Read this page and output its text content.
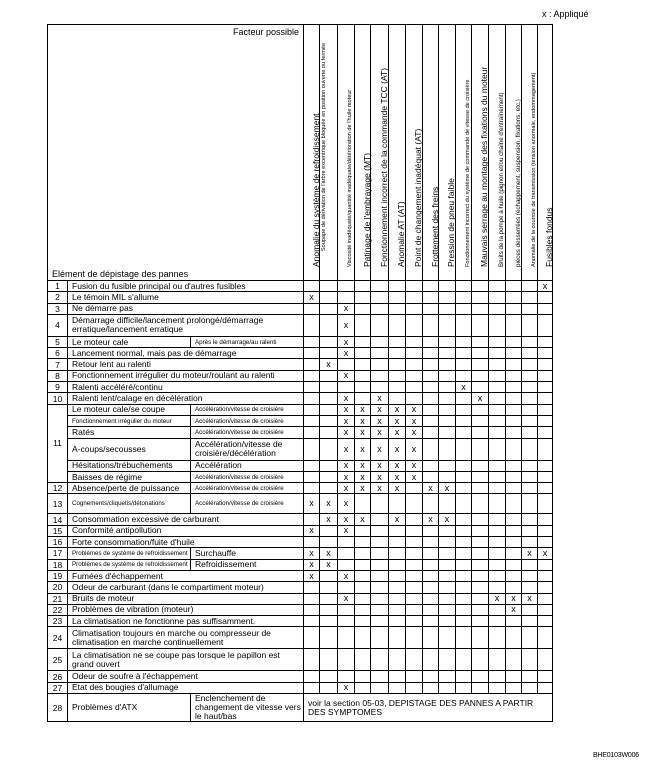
x : Appliqué
Facteur possible
Elément de dépistage des pannes			Anomalie du système de refroidissement	Soupape de dérivation de l'arbre excentrique bloquée en position ouverte ou fermée	Viscosité inadéquate/quantité inadéquate/détérioration de l'huile moteur	Patinage de l'embrayage (MT)	Fonctionnement incorrect de la commande TCC (AT)	Anomalie AT (AT)	Point de changement inadéquat (AT)	Frottement des freins	Pression de pneu faible	Fonctionnement incorrect du système de commande de vitesse de croisière	Mauvais serrage au montage des fixations du moteur	Bruits de la pompe à huile (pignon et/ou chaîne d'entraînement)	pièces desserrées (échappement, suspension, fixations, etc.)	Anomalie de la courroie de transmission (tension anormale, endommagement)	Fusibles fondus

1	Fusion du fusible principal ou d'autres fusibles																x
2	Le témoin MIL s'allume		x														
3	Ne démarre pas				x												
4	Démarrage difficile/lancement prolongé/démarrage erratique/lancement erratique				x												
5	Le moteur cale	Après le démarrage/au ralenti			x												
6	Lancement normal, mais pas de démarrage				x												
7	Retour lent au ralenti			x													
8	Fonctionnement irrégulier du moteur/roulant au ralenti				x												
9	Ralenti accéléré/continu											x					
10	Ralenti lent/calage en décélération				x		x						x				
11	Le moteur cale/se coupe	Accélération/vitesse de croisière			x	x	x	x	x								
	Fonctionnement irrégulier du moteur	Accélération/vitesse de croisière			x	x	x	x	x								
	Ratés	Accélération/vitesse de croisière			x	x	x	x	x								
	A-coups/secousses	Accélération/vitesse de croisière/décélération			x	x	x	x	x								
	Hésitations/trébuchements	Accélération			x	x	x	x	x								
	Baisses de régime	Accélération/vitesse de croisière			x	x	x	x	x								
12	Absence/perte de puissance	Accélération/vitesse de croisière			x	x	x	x		x	x						
13	Cognements/cliquetis/détonations	Accélération/vitesse de croisière	x	x	x												
14	Consommation excessive de carburant			x	x	x		x		x	x						
15	Conformité antipollution		x		x												
16	Forte consommation/fuite d'huile																
17	Problèmes de système de refroidissement	Surchauffe	x	x												x	x
18	Problèmes de système de refroidissement	Refroidissement	x	x													
19	Fumées d'échappement		x		x												
20	Odeur de carburant (dans le compartiment moteur)																
21	Bruits de moteur				x									x	x	x	
22	Problèmes de vibration (moteur)														x		
23	La climatisation ne fonctionne pas suffisamment.																
24	Climatisation toujours en marche ou compresseur de climatisation en marche continuellement																
25	La climatisation ne se coupe pas lorsque le papillon est grand ouvert																
26	Odeur de soufre à l'échappement																
27	Etat des bougies d'allumage				x												
28	Problèmes d'ATX	Enclenchement de changement de vitesse vers le haut/bas	voir la section 05-03, DEPISTAGE DES PANNES A PARTIR DES SYMPTOMES														
BHE0103W006
